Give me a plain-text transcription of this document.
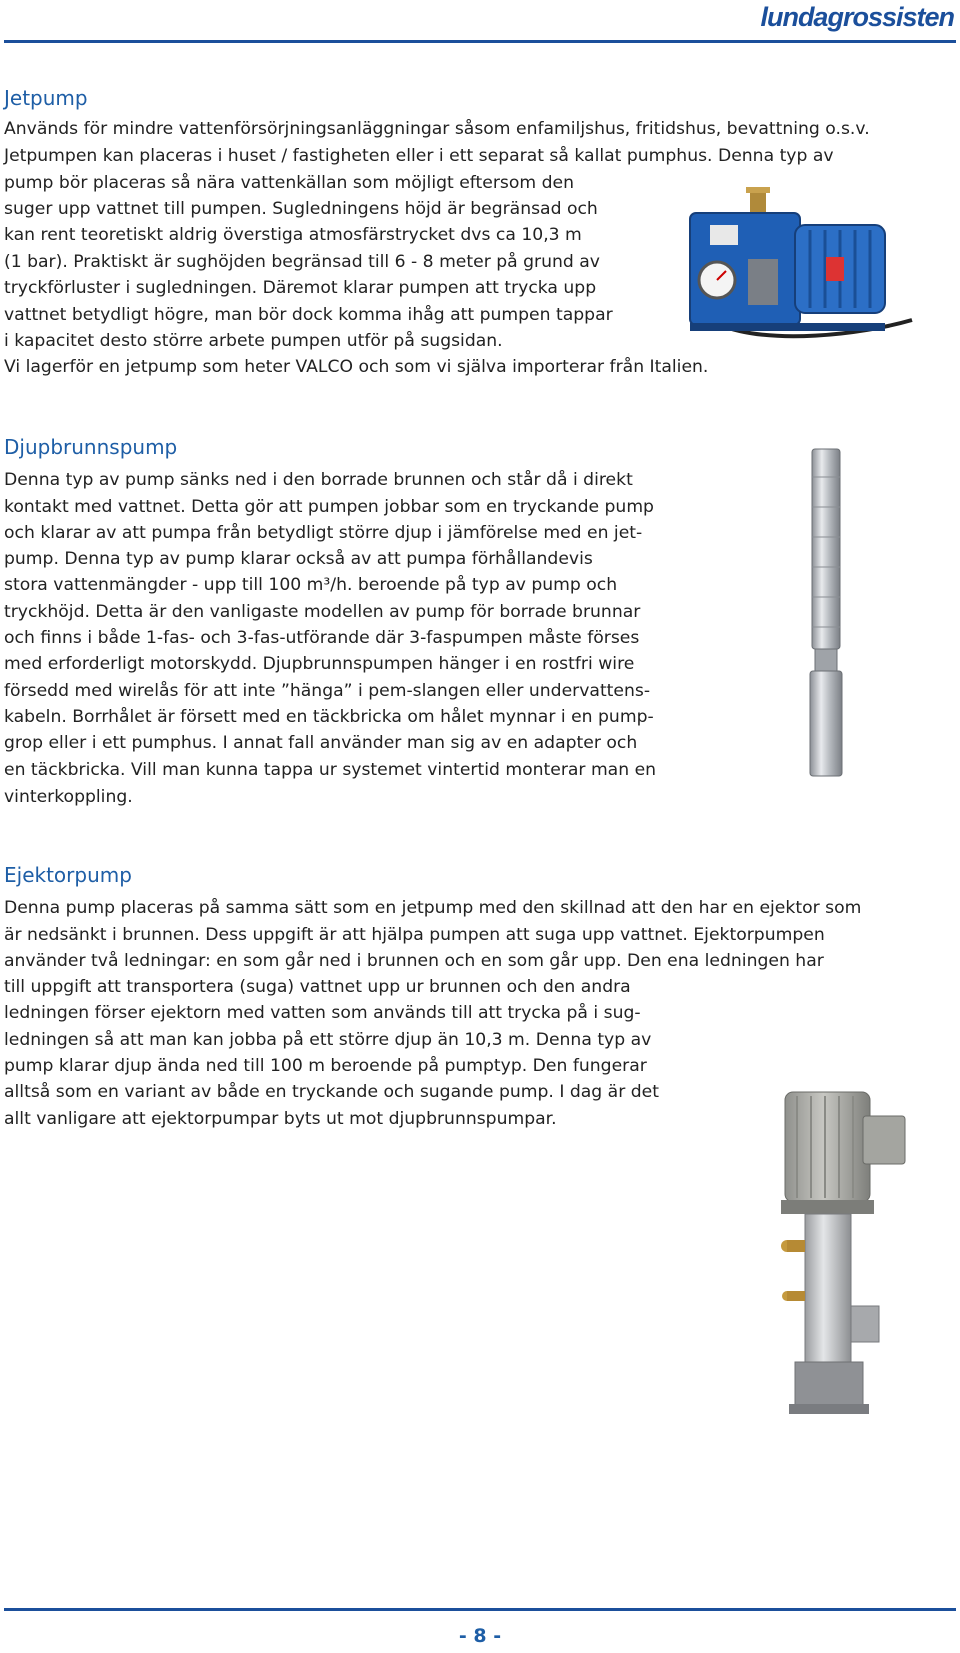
lundagrossisten
Jetpump

Används för mindre vattenförsörjningsanläggningar såsom enfamiljshus, fritidshus, bevattning o.s.v.

Jetpumpen kan placeras i huset / fastigheten eller i ett separat så kallat pumphus. Denna typ av

pump bör placeras så nära vattenkällan som möjligt eftersom den

suger upp vattnet till pumpen. Sugledningens höjd är begränsad och

kan rent teoretiskt aldrig överstiga atmosfärstrycket dvs ca 10,3 m

(1 bar). Praktiskt är sughöjden begränsad till 6 - 8 meter på grund av

tryckförluster i sugledningen. Däremot klarar pumpen att trycka upp

vattnet betydligt högre, man bör dock komma ihåg att pumpen tappar

i kapacitet desto större arbete pumpen utför på sugsidan.

Vi lagerför en jetpump som heter VALCO och som vi själva importerar från Italien.

Djupbrunnspump

Denna typ av pump sänks ned i den borrade brunnen och står då i direkt

kontakt med vattnet. Detta gör att pumpen jobbar som en tryckande pump

och klarar av att pumpa från betydligt större djup i jämförelse med en jet-

pump. Denna typ av pump klarar också av att pumpa förhållandevis

stora vattenmängder - upp till 100 m³/h. beroende på typ av pump och

tryckhöjd. Detta är den vanligaste modellen av pump för borrade brunnar

och finns i både 1-fas- och 3-fas-utförande där 3-faspumpen måste förses

med erforderligt motorskydd. Djupbrunnspumpen hänger i en rostfri wire

försedd med wirelås för att inte ”hänga” i pem-slangen eller undervattens-

kabeln. Borrhålet är försett med en täckbricka om hålet mynnar i en pump-

grop eller i ett pumphus. I annat fall använder man sig av en adapter och

en täckbricka. Vill man kunna tappa ur systemet vintertid monterar man en

vinterkoppling.

Ejektorpump

Denna pump placeras på samma sätt som en jetpump med den skillnad att den har en ejektor som

är nedsänkt i brunnen. Dess uppgift är att hjälpa pumpen att suga upp vattnet. Ejektorpumpen

använder två ledningar: en som går ned i brunnen och en som går upp. Den ena ledningen har

till uppgift att transportera (suga) vattnet upp ur brunnen och den andra

ledningen förser ejektorn med vatten som används till att trycka på i sug-

ledningen så att man kan jobba på ett större djup än 10,3 m. Denna typ av

pump klarar djup ända ned till 100 m beroende på pumptyp. Den fungerar

alltså som en variant av både en tryckande och sugande pump. I dag är det

allt vanligare att ejektorpumpar byts ut mot djupbrunnspumpar.

- 8 -
